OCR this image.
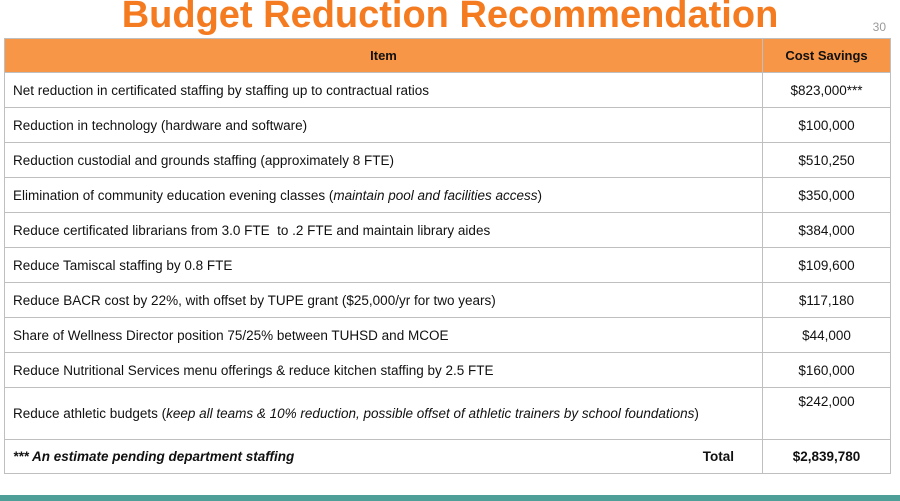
Budget Reduction Recommendation	30
Item	Cost Savings
Net reduction in certificated staffing by staffing up to contractual ratios	$823,000***
Reduction in technology (hardware and software)	$100,000
Reduction custodial and grounds staffing (approximately 8 FTE)	$510,250
Elimination of community education evening classes (maintain pool and facilities access)	$350,000
Reduce certificated librarians from 3.0 FTE  to .2 FTE and maintain library aides	$384,000
Reduce Tamiscal staffing by 0.8 FTE	$109,600
Reduce BACR cost by 22%, with offset by TUPE grant ($25,000/yr for two years)	$117,180
Share of Wellness Director position 75/25% between TUHSD and MCOE	$44,000
Reduce Nutritional Services menu offerings & reduce kitchen staffing by 2.5 FTE	$160,000
Reduce athletic budgets (keep all teams & 10% reduction, possible offset of athletic trainers by school foundations)	$242,000

*** An estimate pending department staffing Total	$2,839,780
